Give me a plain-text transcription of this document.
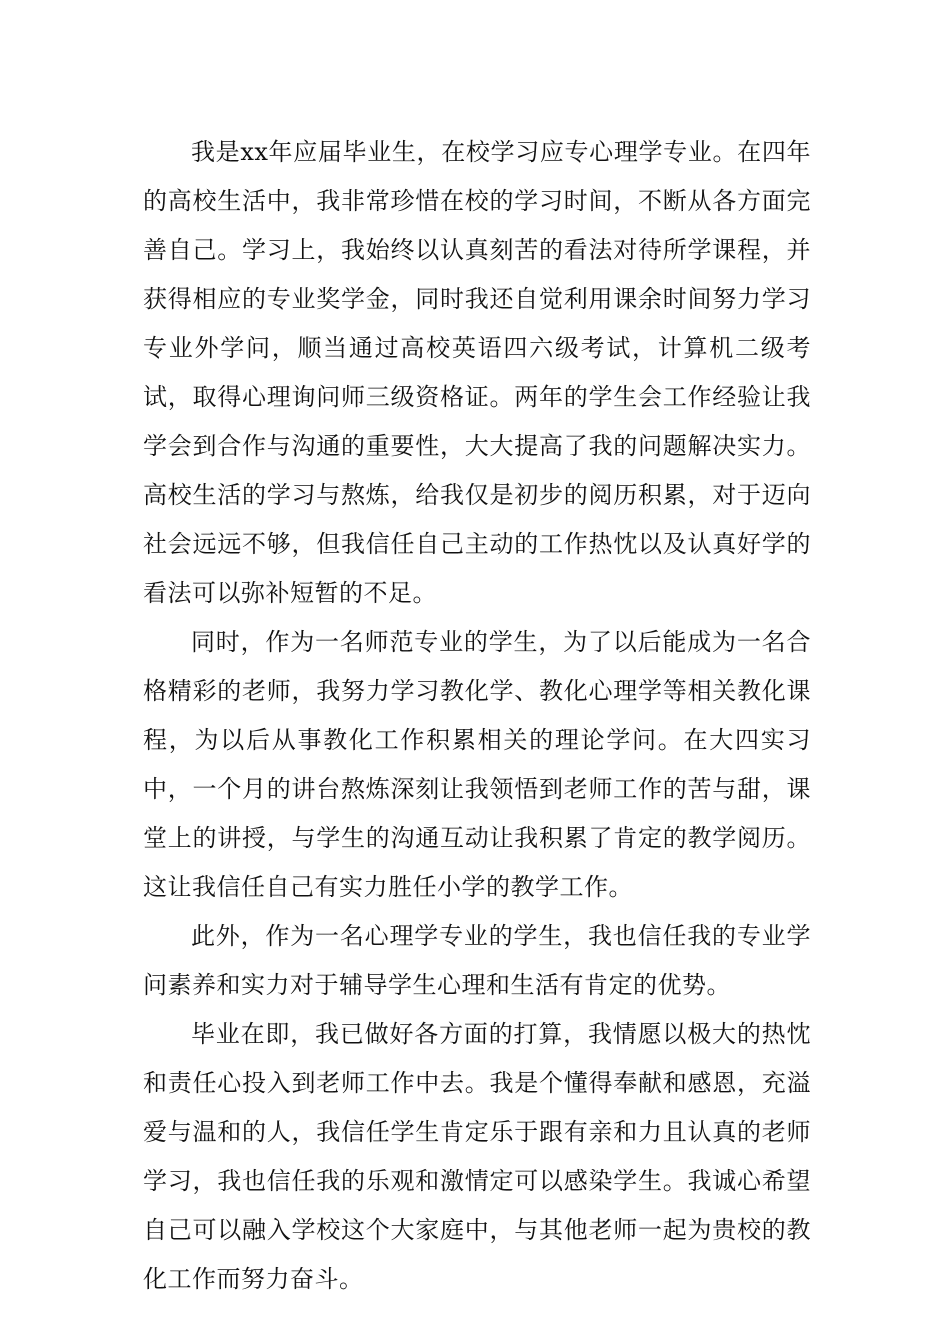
我是xx年应届毕业生，在校学习应专心理学专业。在四年的高校生活中，我非常珍惜在校的学习时间，不断从各方面完善自己。学习上，我始终以认真刻苦的看法对待所学课程，并获得相应的专业奖学金，同时我还自觉利用课余时间努力学习专业外学问，顺当通过高校英语四六级考试，计算机二级考试，取得心理询问师三级资格证。两年的学生会工作经验让我学会到合作与沟通的重要性，大大提高了我的问题解决实力。高校生活的学习与熬炼，给我仅是初步的阅历积累，对于迈向社会远远不够，但我信任自己主动的工作热忱以及认真好学的看法可以弥补短暂的不足。

同时，作为一名师范专业的学生，为了以后能成为一名合格精彩的老师，我努力学习教化学、教化心理学等相关教化课程，为以后从事教化工作积累相关的理论学问。在大四实习中，一个月的讲台熬炼深刻让我领悟到老师工作的苦与甜，课堂上的讲授，与学生的沟通互动让我积累了肯定的教学阅历。这让我信任自己有实力胜任小学的教学工作。

此外，作为一名心理学专业的学生，我也信任我的专业学问素养和实力对于辅导学生心理和生活有肯定的优势。

毕业在即，我已做好各方面的打算，我情愿以极大的热忱和责任心投入到老师工作中去。我是个懂得奉献和感恩，充溢爱与温和的人，我信任学生肯定乐于跟有亲和力且认真的老师学习，我也信任我的乐观和激情定可以感染学生。我诚心希望自己可以融入学校这个大家庭中，与其他老师一起为贵校的教化工作而努力奋斗。
